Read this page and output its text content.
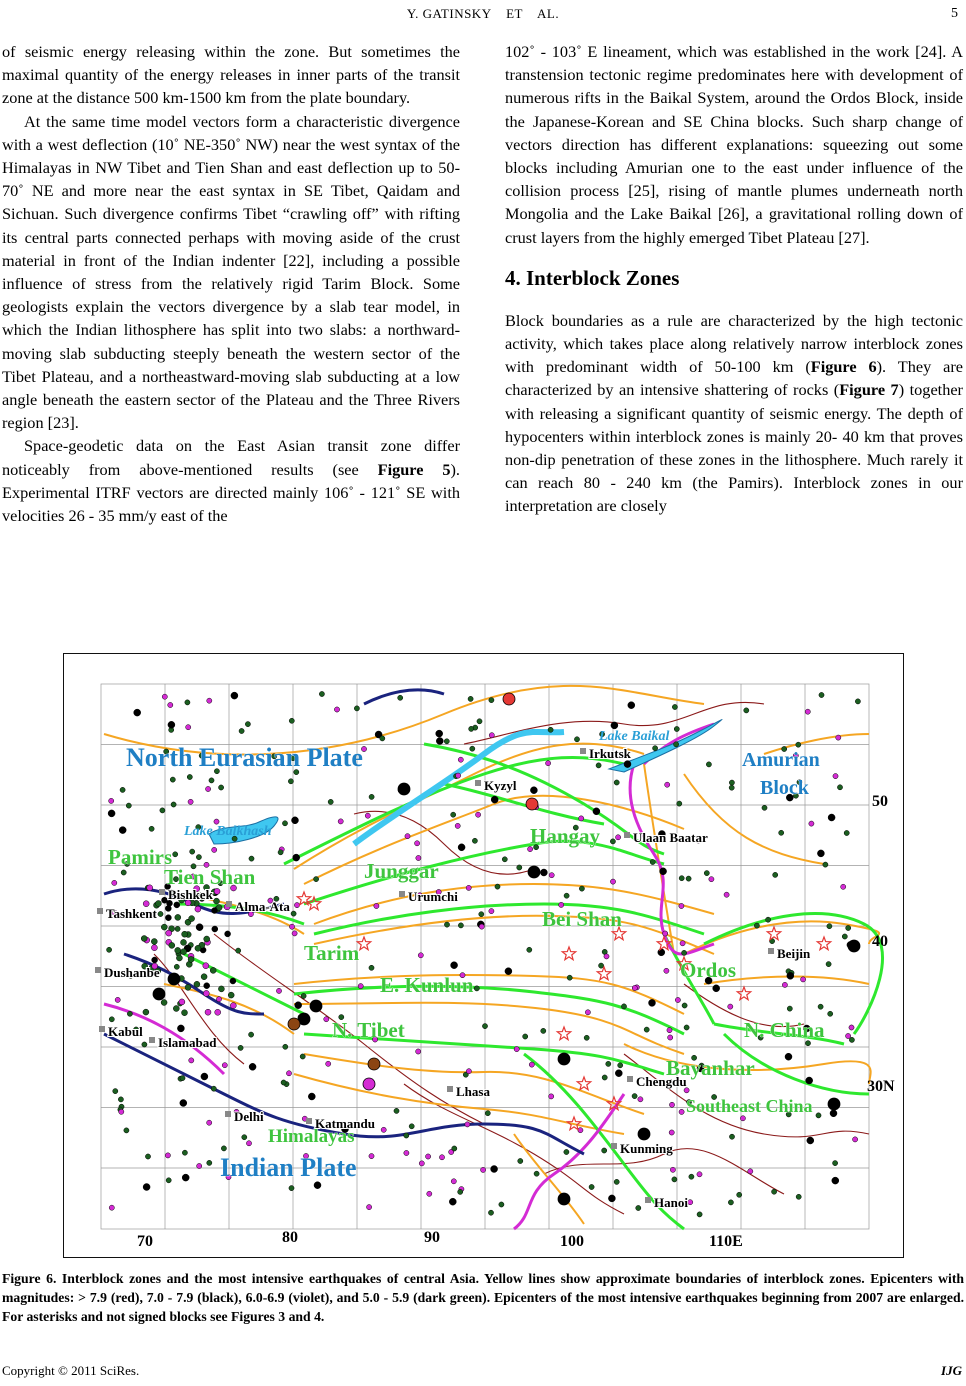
Y. GATINSKY    ET    AL.	5

of seismic energy releasing within the zone. But sometimes the maximal quantity of the energy releases in inner parts of the transit zone at the distance 500 km-1500 km from the plate boundary.

At the same time model vectors form a characteristic divergence with a west deflection (10˚ NE-350˚ NW) near the west syntax of the Himalayas in NW Tibet and Tien Shan and east deflection up to 50-70˚ NE and more near the east syntax in SE Tibet, Qaidam and Sichuan. Such divergence confirms Tibet “crawling off” with rifting its central parts connected perhaps with moving aside of the crust material in front of the Indian indenter [22], including a possible influence of stress from the relatively rigid Tarim Block. Some geologists explain the vectors divergence by a slab tear model, in which the Indian lithosphere has split into two slabs: a northward-moving slab subducting steeply beneath the western sector of the Tibet Plateau, and a northeastward-moving slab subducting at a low angle beneath the eastern sector of the Plateau and the Three Rivers region [23].

Space-geodetic data on the East Asian transit zone differ noticeably from above-mentioned results (see Figure 5). Experimental ITRF vectors are directed mainly 106˚ - 121˚ SE with velocities 26 - 35 mm/y east of the

102˚ - 103˚ E lineament, which was established in the work [24]. A transtension tectonic regime predominates here with development of numerous rifts in the Baikal System, around the Ordos Block, inside the Japanese-Korean and SE China blocks. Such sharp change of vectors direction has different explanations: squeezing out some blocks including Amurian one to the east under influence of the collision process [25], rising of mantle plumes underneath north Mongolia and the Lake Baikal [26], a gravitational rolling down of crust layers from the highly emerged Tibet Plateau [27].

4. Interblock Zones

Block boundaries as a rule are characterized by the high tectonic activity, which takes place along relatively narrow interblock zones with predominant width of 50-100 km (Figure 6). They are characterized by an intensive shattering of rocks (Figure 7) together with releasing a significant quantity of seismic energy. The depth of hypocenters within interblock zones is mainly 20- 40 km that proves non-dip penetration of these zones in the lithosphere. Much rarely it can reach 80 - 240 km (the Pamirs). Interblock zones in our interpretation are closely

North Eurasian Plate	Amurian
Block
Indian Plate
Lake Baikal
Lake Balkhash
Pamirs
Tien Shan	Junggar
Hangay
Bei Shan
Tarim
E. Kunlun
Ordos
N. Tibet	N. China
Bayanhar
Southeast China
Himalayas
Irkutsk
Kyzyl
Ulaan Baatar
Bishkek
Alma-Ata
Urumchi
Tashkent
Dushanbe
Beijin
Kabul
Islamabad
Lhasa
Chengdu
Delhi	Katmandu
Kunming
Hanoi
50
40
30N
70	80	90	100	110E
Figure 6. Interblock zones and the most intensive earthquakes of central Asia. Yellow lines show approximate boundaries of interblock zones. Epicenters with magnitudes: > 7.9 (red), 7.0 - 7.9 (black), 6.0-6.9 (violet), and 5.0 - 5.9 (dark green). Epicenters of the most intensive earthquakes beginning from 2007 are enlarged. For asterisks and not signed blocks see Figures 3 and 4.
Copyright © 2011 SciRes.	IJG
